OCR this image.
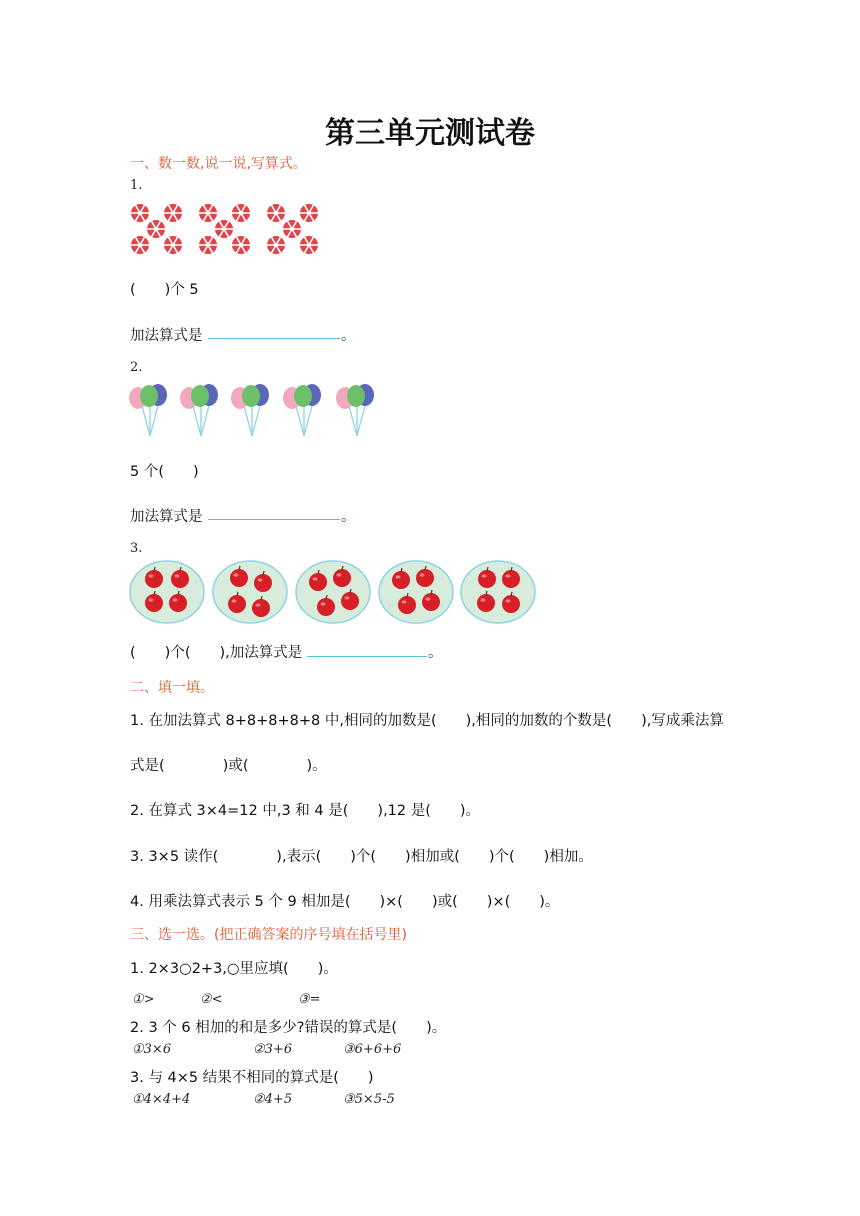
第三单元测试卷
一、数一数,说一说,写算式。
1.
(　　)个 5
加法算式是	。
2.
5 个(　　)
加法算式是	。
3.
(　　)个(　　),加法算式是	。
二、填一填。
1. 在加法算式 8+8+8+8+8 中,相同的加数是(　　),相同的加数的个数是(　　),写成乘法算
式是(　　　　)或(　　　　)。
2. 在算式 3×4=12 中,3 和 4 是(　　),12 是(　　)。
3. 3×5 读作(　　　　),表示(　　)个(　　)相加或(　　)个(　　)相加。
4. 用乘法算式表示 5 个 9 相加是(　　)×(　　)或(　　)×(　　)。
三、选一选。(把正确答案的序号填在括号里)
1. 2×3○2+3,○里应填(　　)。
①>	②<	③=
2. 3 个 6 相加的和是多少?错误的算式是(　　)。
①3×6	②3+6	③6+6+6
3. 与 4×5 结果不相同的算式是(　　)
①4×4+4	②4+5	③5×5-5
